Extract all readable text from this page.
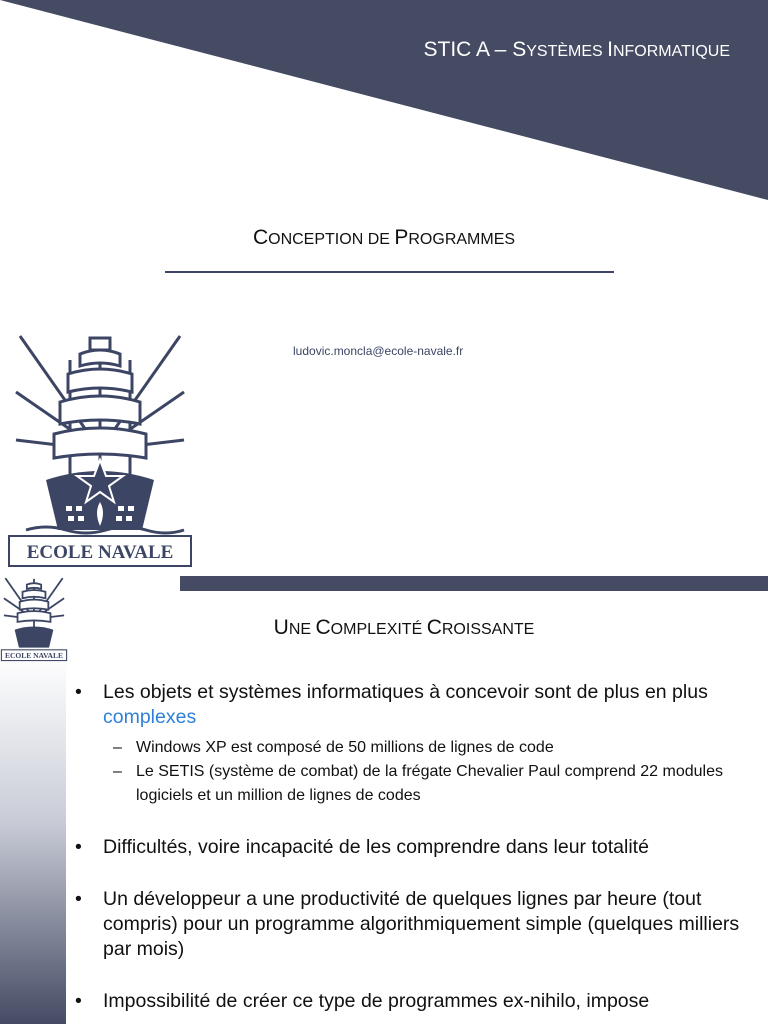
STIC A – SYSTÈMES INFORMATIQUE
CONCEPTION DE PROGRAMMES
ludovic.moncla@ecole-navale.fr
ECOLE NAVALE
ECOLE NAVALE
UNE COMPLEXITÉ CROISSANTE
• Les objets et systèmes informatiques à concevoir sont de plus en plus complexes
– Windows XP est composé de 50 millions de lignes de code
– Le SETIS (système de combat) de la frégate Chevalier Paul comprend 22 modules logiciels et un million de lignes de codes
• Difficultés, voire incapacité de les comprendre dans leur totalité
• Un développeur a une productivité de quelques lignes par heure (tout compris) pour un programme algorithmiquement simple (quelques milliers par mois)
• Impossibilité de créer ce type de programmes ex-nihilo, impose
